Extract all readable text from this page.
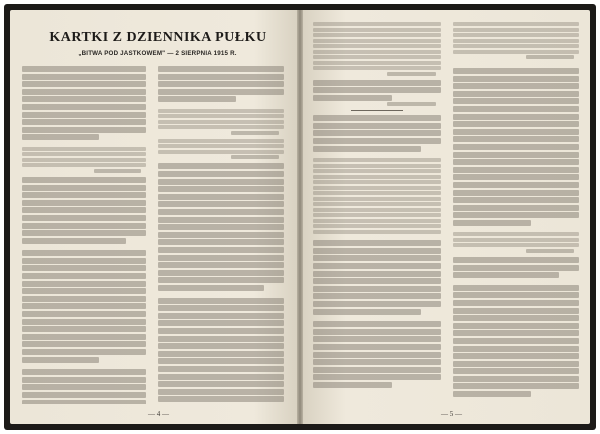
KARTKI Z DZIENNIKA PUŁKU
„BITWA POD JASTKOWEM" — 2 SIERPNIA 1915 R.
— 4 —	— 5 —
